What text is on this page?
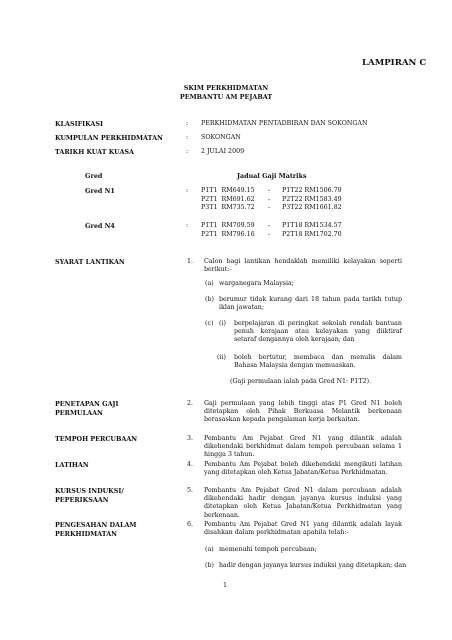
LAMPIRAN C
SKIM PERKHIDMATAN
PEMBANTU AM PEJABAT
KLASIFIKASI	: PERKHIDMATAN PENTADBIRAN DAN SOKONGAN
KUMPULAN PERKHIDMATAN	: SOKONGAN
TARIKH KUAT KUASA	: 2 JULAI 2009
Gred	Jadual Gaji Matriks
Gred N1	: P1T1  RM649.15 - P1T22 RM1506.79
P2T1  RM691.62 - P2T22 RM1583.49
P3T1  RM735.72 - P3T22 RM1661.82
Gred N4	: P1T1  RM709.59 - P1T18 RM1534.57
P2T1  RM796.16 - P2T18 RM1702.70
SYARAT LANTIKAN	1. Calon bagi lantikan hendaklah memiliki kelayakan seperti berikut:-
(a) warganegara Malaysia;
(b) berumur tidak kurang dari 18 tahun pada tarikh tutup iklan jawatan;
(c) (i) berpelajaran di peringkat sekolah rendah bantuan penuh kerajaan atau kelayakan yang diiktiraf setaraf dengannya oleh kerajaan; dan
(ii) boleh bertutur, membaca dan menulis dalam Bahasa Malaysia dengan memuaskan.
(Gaji permulaan ialah pada Gred N1: P1T2).
PENETAPAN GAJI
PERMULAAN
2. Gaji permulaan yang lebih tinggi atas P1 Gred N1 boleh ditetapkan oleh Pihak Berkuasa Melantik berkenaan berasaskan kepada pengalaman kerja berkaitan.
TEMPOH PERCUBAAN	3. Pembantu Am Pejabat Gred N1 yang dilantik adalah dikehendaki berkhidmat dalam tempoh percubaan selama 1 hingga 3 tahun.
LATIHAN	4. Pembantu Am Pejabat boleh dikehendaki mengikuti latihan yang ditetapkan oleh Ketua Jabatan/Ketua Perkhidmatan.
KURSUS INDUKSI/
PEPERIKSAAN
5. Pembantu Am Pejabat Gred N1 dalam percubaan adalah dikehendaki hadir dengan jayanya kursus induksi yang ditetapkan oleh Ketua Jabatan/Ketua Perkhidmatan yang berkenaan.
PENGESAHAN DALAM
PERKHIDMATAN
6. Pembantu Am Pejabat Gred N1 yang dilantik adalah layak disahkan dalam perkhidmatan apabila telah:-
(a) memenuhi tempoh percubaan;
(b) hadir dengan jayanya kursus induksi yang ditetapkan; dan
1
